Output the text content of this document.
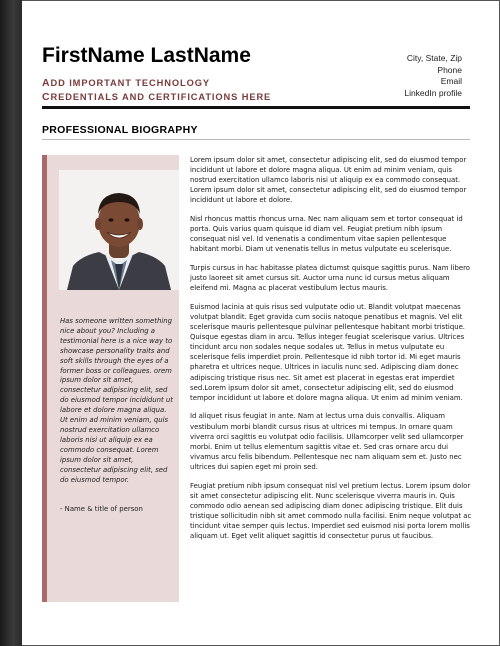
FirstName LastName	City, State, Zip
Phone
Email
LinkedIn profile
ADD IMPORTANT TECHNOLOGY
CREDENTIALS AND CERTIFICATIONS HERE
PROFESSIONAL BIOGRAPHY
Has someone written something nice about you? Including a testimonial here is a nice way to showcase personality traits and soft skills through the eyes of a former boss or colleagues. orem ipsum dolor sit amet, consectetur adipiscing elit, sed do eiusmod tempor incididunt ut labore et dolore magna aliqua. Ut enim ad minim veniam, quis nostrud exercitation ullamco laboris nisi ut aliquip ex ea commodo consequat. Lorem ipsum dolor sit amet, consectetur adipiscing elit, sed do eiusmod tempor.
- Name & title of person

Lorem ipsum dolor sit amet, consectetur adipiscing elit, sed do eiusmod tempor incididunt ut labore et dolore magna aliqua. Ut enim ad minim veniam, quis nostrud exercitation ullamco laboris nisi ut aliquip ex ea commodo consequat. Lorem ipsum dolor sit amet, consectetur adipiscing elit, sed do eiusmod tempor incididunt ut labore et dolore.

Nisl rhoncus mattis rhoncus urna. Nec nam aliquam sem et tortor consequat id porta. Quis varius quam quisque id diam vel. Feugiat pretium nibh ipsum consequat nisl vel. Id venenatis a condimentum vitae sapien pellentesque habitant morbi. Diam ut venenatis tellus in metus vulputate eu scelerisque.

Turpis cursus in hac habitasse platea dictumst quisque sagittis purus. Nam libero justo laoreet sit amet cursus sit. Auctor urna nunc id cursus metus aliquam eleifend mi. Magna ac placerat vestibulum lectus mauris.

Euismod lacinia at quis risus sed vulputate odio ut. Blandit volutpat maecenas volutpat blandit. Eget gravida cum sociis natoque penatibus et magnis. Vel elit scelerisque mauris pellentesque pulvinar pellentesque habitant morbi tristique. Quisque egestas diam in arcu. Tellus integer feugiat scelerisque varius. Ultrices tincidunt arcu non sodales neque sodales ut. Tellus in metus vulputate eu scelerisque felis imperdiet proin. Pellentesque id nibh tortor id. Mi eget mauris pharetra et ultrices neque. Ultrices in iaculis nunc sed. Adipiscing diam donec adipiscing tristique risus nec. Sit amet est placerat in egestas erat imperdiet sed.Lorem ipsum dolor sit amet, consectetur adipiscing elit, sed do eiusmod tempor incididunt ut labore et dolore magna aliqua. Ut enim ad minim veniam.

Id aliquet risus feugiat in ante. Nam at lectus urna duis convallis. Aliquam vestibulum morbi blandit cursus risus at ultrices mi tempus. In ornare quam viverra orci sagittis eu volutpat odio facilisis. Ullamcorper velit sed ullamcorper morbi. Enim ut tellus elementum sagittis vitae et. Sed cras ornare arcu dui vivamus arcu felis bibendum. Pellentesque nec nam aliquam sem et. Justo nec ultrices dui sapien eget mi proin sed.

Feugiat pretium nibh ipsum consequat nisl vel pretium lectus. Lorem ipsum dolor sit amet consectetur adipiscing elit. Nunc scelerisque viverra mauris in. Quis commodo odio aenean sed adipiscing diam donec adipiscing tristique. Elit duis tristique sollicitudin nibh sit amet commodo nulla facilisi. Enim neque volutpat ac tincidunt vitae semper quis lectus. Imperdiet sed euismod nisi porta lorem mollis aliquam ut. Eget velit aliquet sagittis id consectetur purus ut faucibus.
